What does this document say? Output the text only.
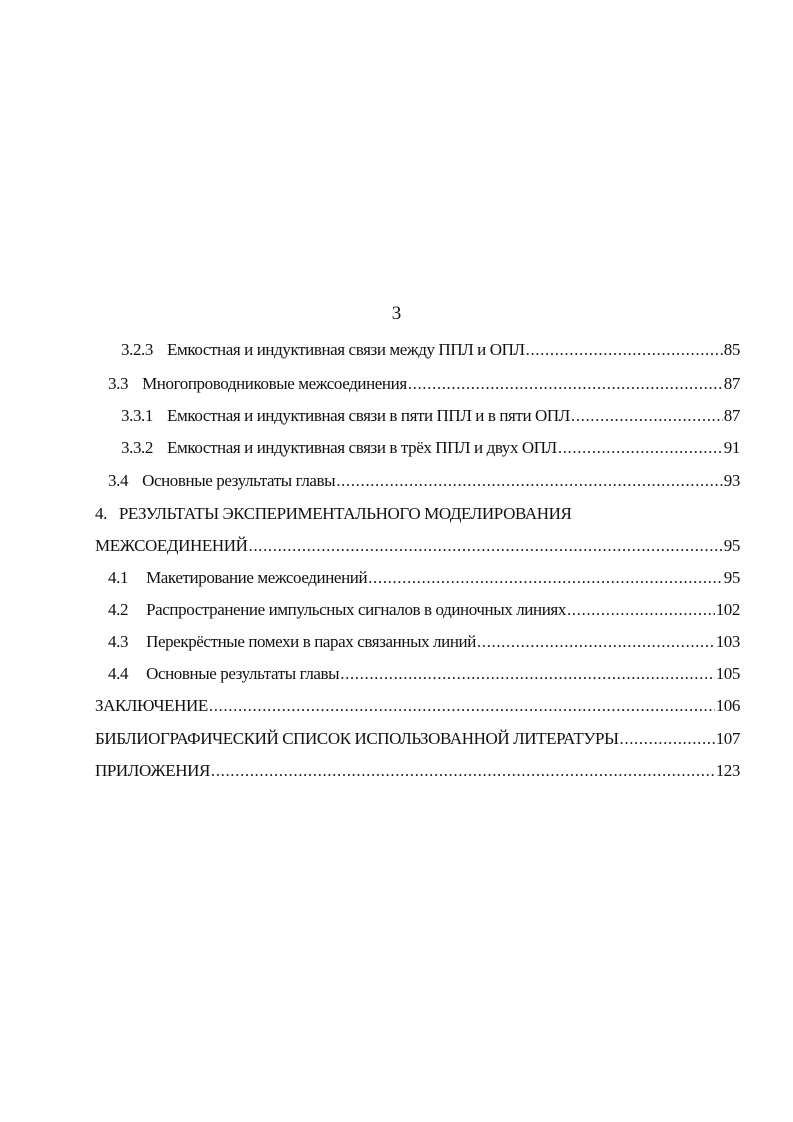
3
3.2.3 Емкостная и индуктивная связи между ППЛ и ОПЛ .....	85
3.3 Многопроводниковые межсоединения .....	87
3.3.1 Емкостная и индуктивная связи в пяти ППЛ и в пяти ОПЛ .....	87
3.3.2 Емкостная и индуктивная связи в трёх ППЛ и двух ОПЛ .....	91
3.4 Основные результаты главы .....	93
4. РЕЗУЛЬТАТЫ ЭКСПЕРИМЕНТАЛЬНОГО МОДЕЛИРОВАНИЯ
МЕЖСОЕДИНЕНИЙ .....	95
4.1 Макетирование межсоединений .....	95
4.2 Распространение импульсных сигналов в одиночных линиях .....	102
4.3 Перекрёстные помехи в парах связанных линий .....	103
4.4 Основные результаты главы .....	105
ЗАКЛЮЧЕНИЕ .....	106
БИБЛИОГРАФИЧЕСКИЙ СПИСОК ИСПОЛЬЗОВАННОЙ ЛИТЕРАТУРЫ .....	107
ПРИЛОЖЕНИЯ .....	123
